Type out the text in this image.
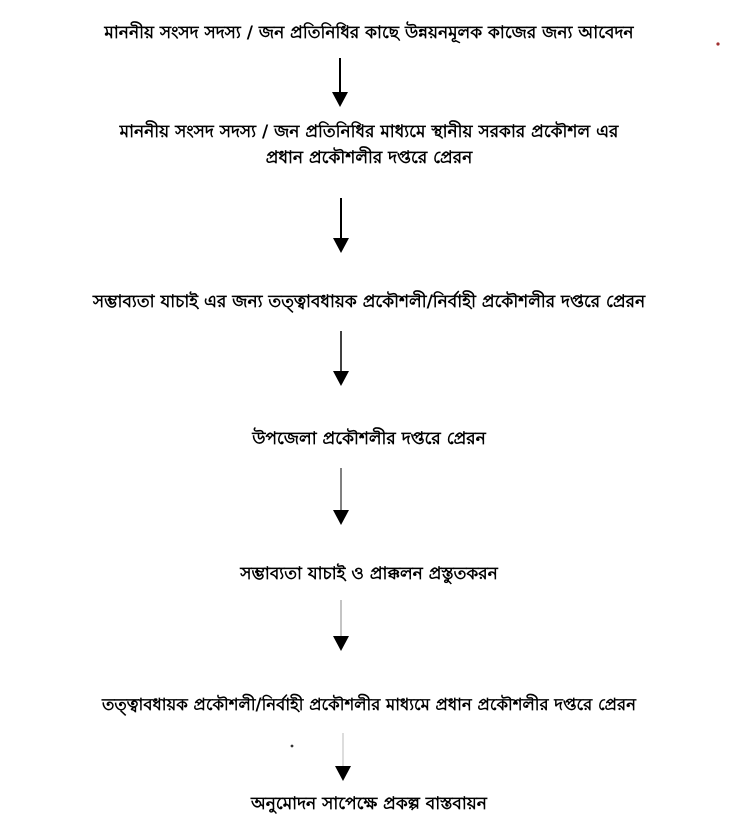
মাননীয় সংসদ সদস্য / জন প্রতিনিধির কাছে উন্নয়নমূলক কাজের জন্য আবেদন
মাননীয় সংসদ সদস্য / জন প্রতিনিধির মাধ্যমে স্থানীয় সরকার প্রকৌশল এর
প্রধান প্রকৌশলীর দপ্তরে প্রেরন
সম্ভাব্যতা যাচাই এর জন্য তত্ত্বাবধায়ক প্রকৌশলী/নির্বাহী প্রকৌশলীর দপ্তরে প্রেরন
উপজেলা প্রকৌশলীর দপ্তরে প্রেরন
সম্ভাব্যতা যাচাই ও প্রাক্কলন প্রস্তুতকরন
তত্ত্বাবধায়ক প্রকৌশলী/নির্বাহী প্রকৌশলীর মাধ্যমে প্রধান প্রকৌশলীর দপ্তরে প্রেরন
অনুমোদন সাপেক্ষে প্রকল্প বাস্তবায়ন
